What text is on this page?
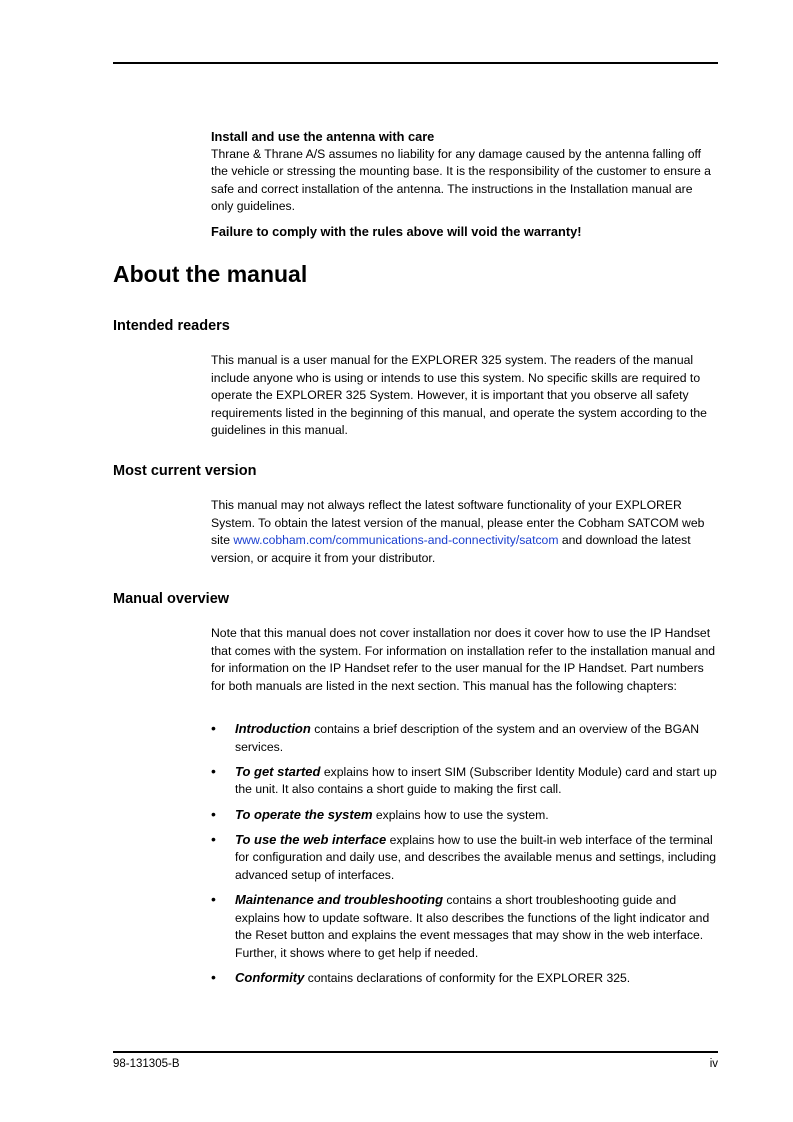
Install and use the antenna with care

Thrane & Thrane A/S assumes no liability for any damage caused by the antenna falling off the vehicle or stressing the mounting base. It is the responsibility of the customer to ensure a safe and correct installation of the antenna. The instructions in the Installation manual are only guidelines.

Failure to comply with the rules above will void the warranty!
About the manual
Intended readers

This manual is a user manual for the EXPLORER 325 system. The readers of the manual include anyone who is using or intends to use this system. No specific skills are required to operate the EXPLORER 325 System. However, it is important that you observe all safety requirements listed in the beginning of this manual, and operate the system according to the guidelines in this manual.

Most current version

This manual may not always reflect the latest software functionality of your EXPLORER System. To obtain the latest version of the manual, please enter the Cobham SATCOM web site www.cobham.com/communications-and-connectivity/satcom and download the latest version, or acquire it from your distributor.

Manual overview

Note that this manual does not cover installation nor does it cover how to use the IP Handset that comes with the system. For information on installation refer to the installation manual and for information on the IP Handset refer to the user manual for the IP Handset. Part numbers for both manuals are listed in the next section. This manual has the following chapters:

• Introduction contains a brief description of the system and an overview of the BGAN services.
• To get started explains how to insert SIM (Subscriber Identity Module) card and start up the unit. It also contains a short guide to making the first call.
• To operate the system explains how to use the system.
• To use the web interface explains how to use the built-in web interface of the terminal for configuration and daily use, and describes the available menus and settings, including advanced setup of interfaces.
• Maintenance and troubleshooting contains a short troubleshooting guide and explains how to update software. It also describes the functions of the light indicator and the Reset button and explains the event messages that may show in the web interface. Further, it shows where to get help if needed.
• Conformity contains declarations of conformity for the EXPLORER 325.
98-131305-B	iv
